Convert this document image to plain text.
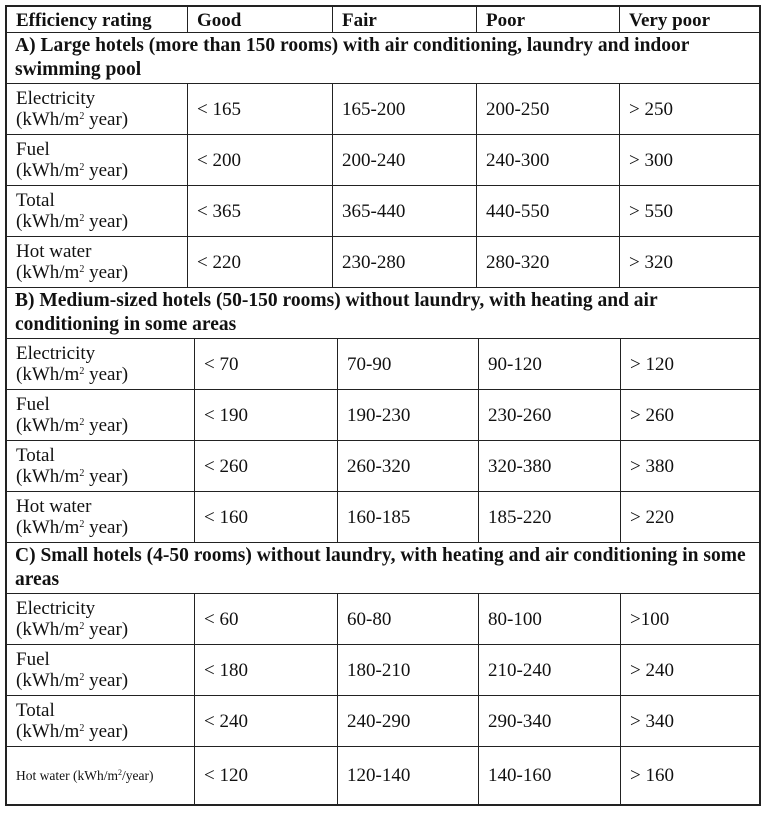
Efficiency rating	Good	Fair	Poor	Very poor
A) Large hotels (more than 150 rooms) with air conditioning, laundry and indoor swimming pool
Electricity
($kWh/m^2$ year)	< 165	165-200	200-250	> 250
Fuel
($kWh/m^2$ year)	< 200	200-240	240-300	> 300
Total
($kWh/m^2$ year)	< 365	365-440	440-550	> 550
Hot water
($kWh/m^2$ year)	< 220	230-280	280-320	> 320
B) Medium-sized hotels (50-150 rooms) without laundry, with heating and air conditioning in some areas
Electricity
($kWh/m^2$ year)	< 70	70-90	90-120	> 120
Fuel
($kWh/m^2$ year)	< 190	190-230	230-260	> 260
Total
($kWh/m^2$ year)	< 260	260-320	320-380	> 380
Hot water
($kWh/m^2$ year)	< 160	160-185	185-220	> 220
C) Small hotels (4-50 rooms) without laundry, with heating and air conditioning in some areas
Electricity
($kWh/m^2$ year)	< 60	60-80	80-100	>100
Fuel
($kWh/m^2$ year)	< 180	180-210	210-240	> 240
Total
($kWh/m^2$ year)	< 240	240-290	290-340	> 340
Hot water $(kWh/m^2/year)$	< 120	120-140	140-160	> 160
